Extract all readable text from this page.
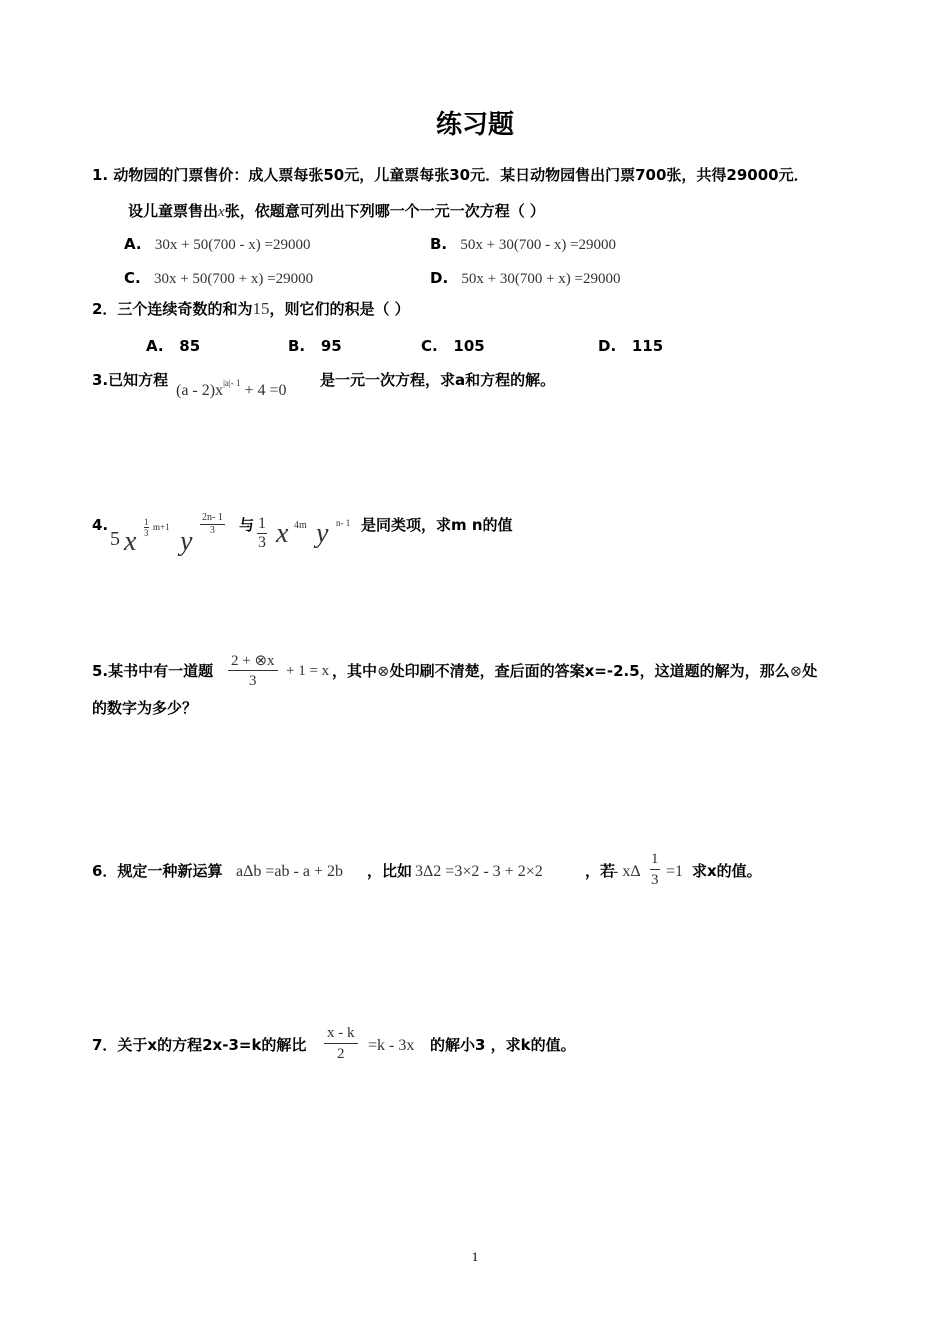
练习题
1. 动物园的门票售价：成人票每张50元，儿童票每张30元．某日动物园售出门票700张，共得29000元．
设儿童票售出x张，依题意可列出下列哪一个一元一次方程（ ）
A. 30x + 50(700 - x) =29000	B. 50x + 30(700 - x) =29000
C. 30x + 50(700 + x) =29000	D. 50x + 30(700 + x) =29000
2．三个连续奇数的和为15，则它们的积是（ ）
A. 85	B. 95	C. 105	D. 115
3.已知方程
$(a - 2)x^{|a|- 1} + 4 =0$
是一元一次方程，求a和方程的解。
4.
5 x $\frac{1}{3} m+1$ y
$\frac{2n- 1}{3}$ 与 $\frac{1}{3}$ x 4m y n- 1 是同类项，求m n的值
5.某书中有一道题 $\frac{2 + \otimes x}{3} + 1 = x$ ，其中⊗处印刷不清楚，查后面的答案x=-2.5，这道题的解为，那么⊗处
的数字为多少？
6．规定一种新运算 aΔb =ab - a + 2b ，比如 3Δ2 =3×2 - 3 + 2×2	，若
- xΔ $\frac{1}{3} =1$ 求x的值。
7．关于x的方程2x-3=k的解比 $\frac{x - k}{2} =k - 3x$ 的解小3 ，求k的值。
1
